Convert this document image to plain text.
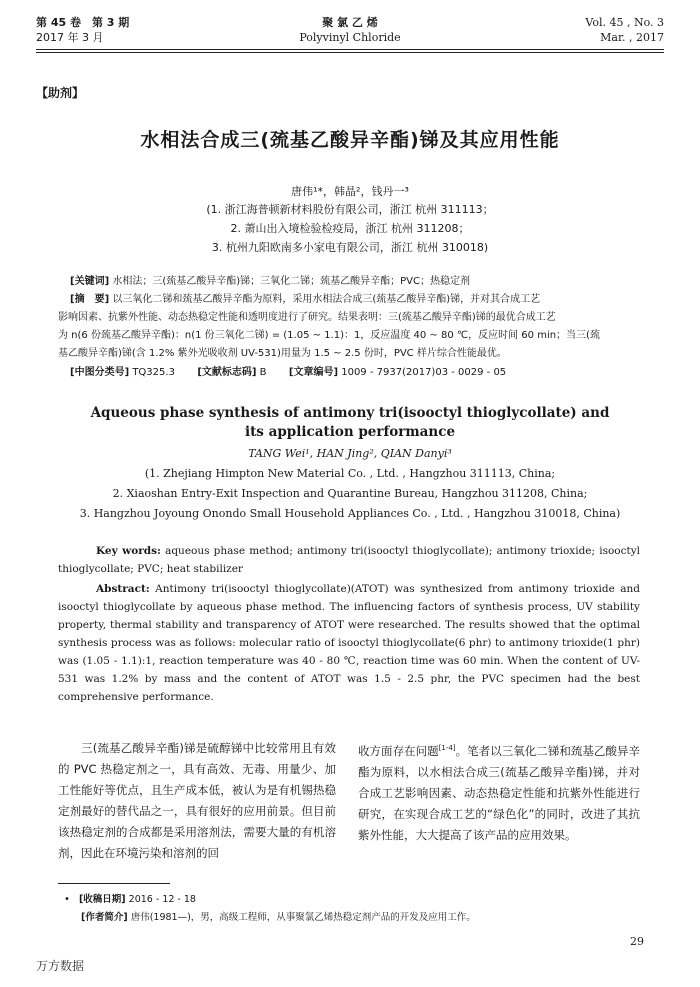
第 45 卷　第 3 期
2017 年 3 月
聚 氯 乙 烯
Polyvinyl Chloride
Vol. 45 , No. 3
Mar. , 2017
【助剂】
水相法合成三(巯基乙酸异辛酯)锑及其应用性能
唐伟¹*，韩晶²，钱丹一³
(1. 浙江海普顿新材料股份有限公司，浙江 杭州 311113；
2. 萧山出入境检验检疫局，浙江 杭州 311208；
3. 杭州九阳欧南多小家电有限公司，浙江 杭州 310018)
[关键词] 水相法；三(巯基乙酸异辛酯)锑；三氧化二锑；巯基乙酸异辛酯；PVC；热稳定剂
[摘　要] 以三氧化二锑和巯基乙酸异辛酯为原料，采用水相法合成三(巯基乙酸异辛酯)锑，并对其合成工艺
影响因素、抗紫外性能、动态热稳定性能和透明度进行了研究。结果表明：三(巯基乙酸异辛酯)锑的最优合成工艺
为 n(6 份巯基乙酸异辛酯)：n(1 份三氧化二锑) = (1.05 ~ 1.1)：1，反应温度 40 ~ 80 ℃，反应时间 60 min；当三(巯
基乙酸异辛酯)锑(含 1.2% 紫外光吸收剂 UV-531)用量为 1.5 ~ 2.5 份时，PVC 样片综合性能最优。
[中图分类号] TQ325.3 [文献标志码] B [文章编号] 1009 - 7937(2017)03 - 0029 - 05
Aqueous phase synthesis of antimony tri(isooctyl thioglycollate) and
its application performance
TANG Wei¹, HAN Jing², QIAN Danyi³
(1. Zhejiang Himpton New Material Co. , Ltd. , Hangzhou 311113, China;
2. Xiaoshan Entry-Exit Inspection and Quarantine Bureau, Hangzhou 311208, China;
3. Hangzhou Joyoung Onondo Small Household Appliances Co. , Ltd. , Hangzhou 310018, China)
Key words: aqueous phase method; antimony tri(isooctyl thioglycollate); antimony trioxide; isooctyl thioglycollate; PVC; heat stabilizer
Abstract: Antimony tri(isooctyl thioglycollate)(ATOT) was synthesized from antimony trioxide and isooctyl thioglycollate by aqueous phase method. The influencing factors of synthesis process, UV stability property, thermal stability and transparency of ATOT were researched. The results showed that the optimal synthesis process was as follows: molecular ratio of isooctyl thioglycollate(6 phr) to antimony trioxide(1 phr) was (1.05 - 1.1):1, reaction temperature was 40 - 80 ℃, reaction time was 60 min. When the content of UV-531 was 1.2% by mass and the content of ATOT was 1.5 - 2.5 phr, the PVC specimen had the best comprehensive performance.
三(巯基乙酸异辛酯)锑是硫醇锑中比较常用且有效的 PVC 热稳定剂之一，具有高效、无毒、用量少、加工性能好等优点，且生产成本低，被认为是有机锡热稳定剂最好的替代品之一，具有很好的应用前景。但目前该热稳定剂的合成都是采用溶剂法，需要大量的有机溶剂，因此在环境污染和溶剂的回
收方面存在问题[1-4]。笔者以三氧化二锑和巯基乙酸异辛酯为原料，以水相法合成三(巯基乙酸异辛酯)锑，并对合成工艺影响因素、动态热稳定性能和抗紫外性能进行研究，在实现合成工艺的“绿色化”的同时，改进了其抗紫外性能，大大提高了该产品的应用效果。
• [收稿日期] 2016 - 12 - 18
[作者简介] 唐伟(1981—)，男，高级工程师，从事聚氯乙烯热稳定剂产品的开发及应用工作。
29
万方数据
